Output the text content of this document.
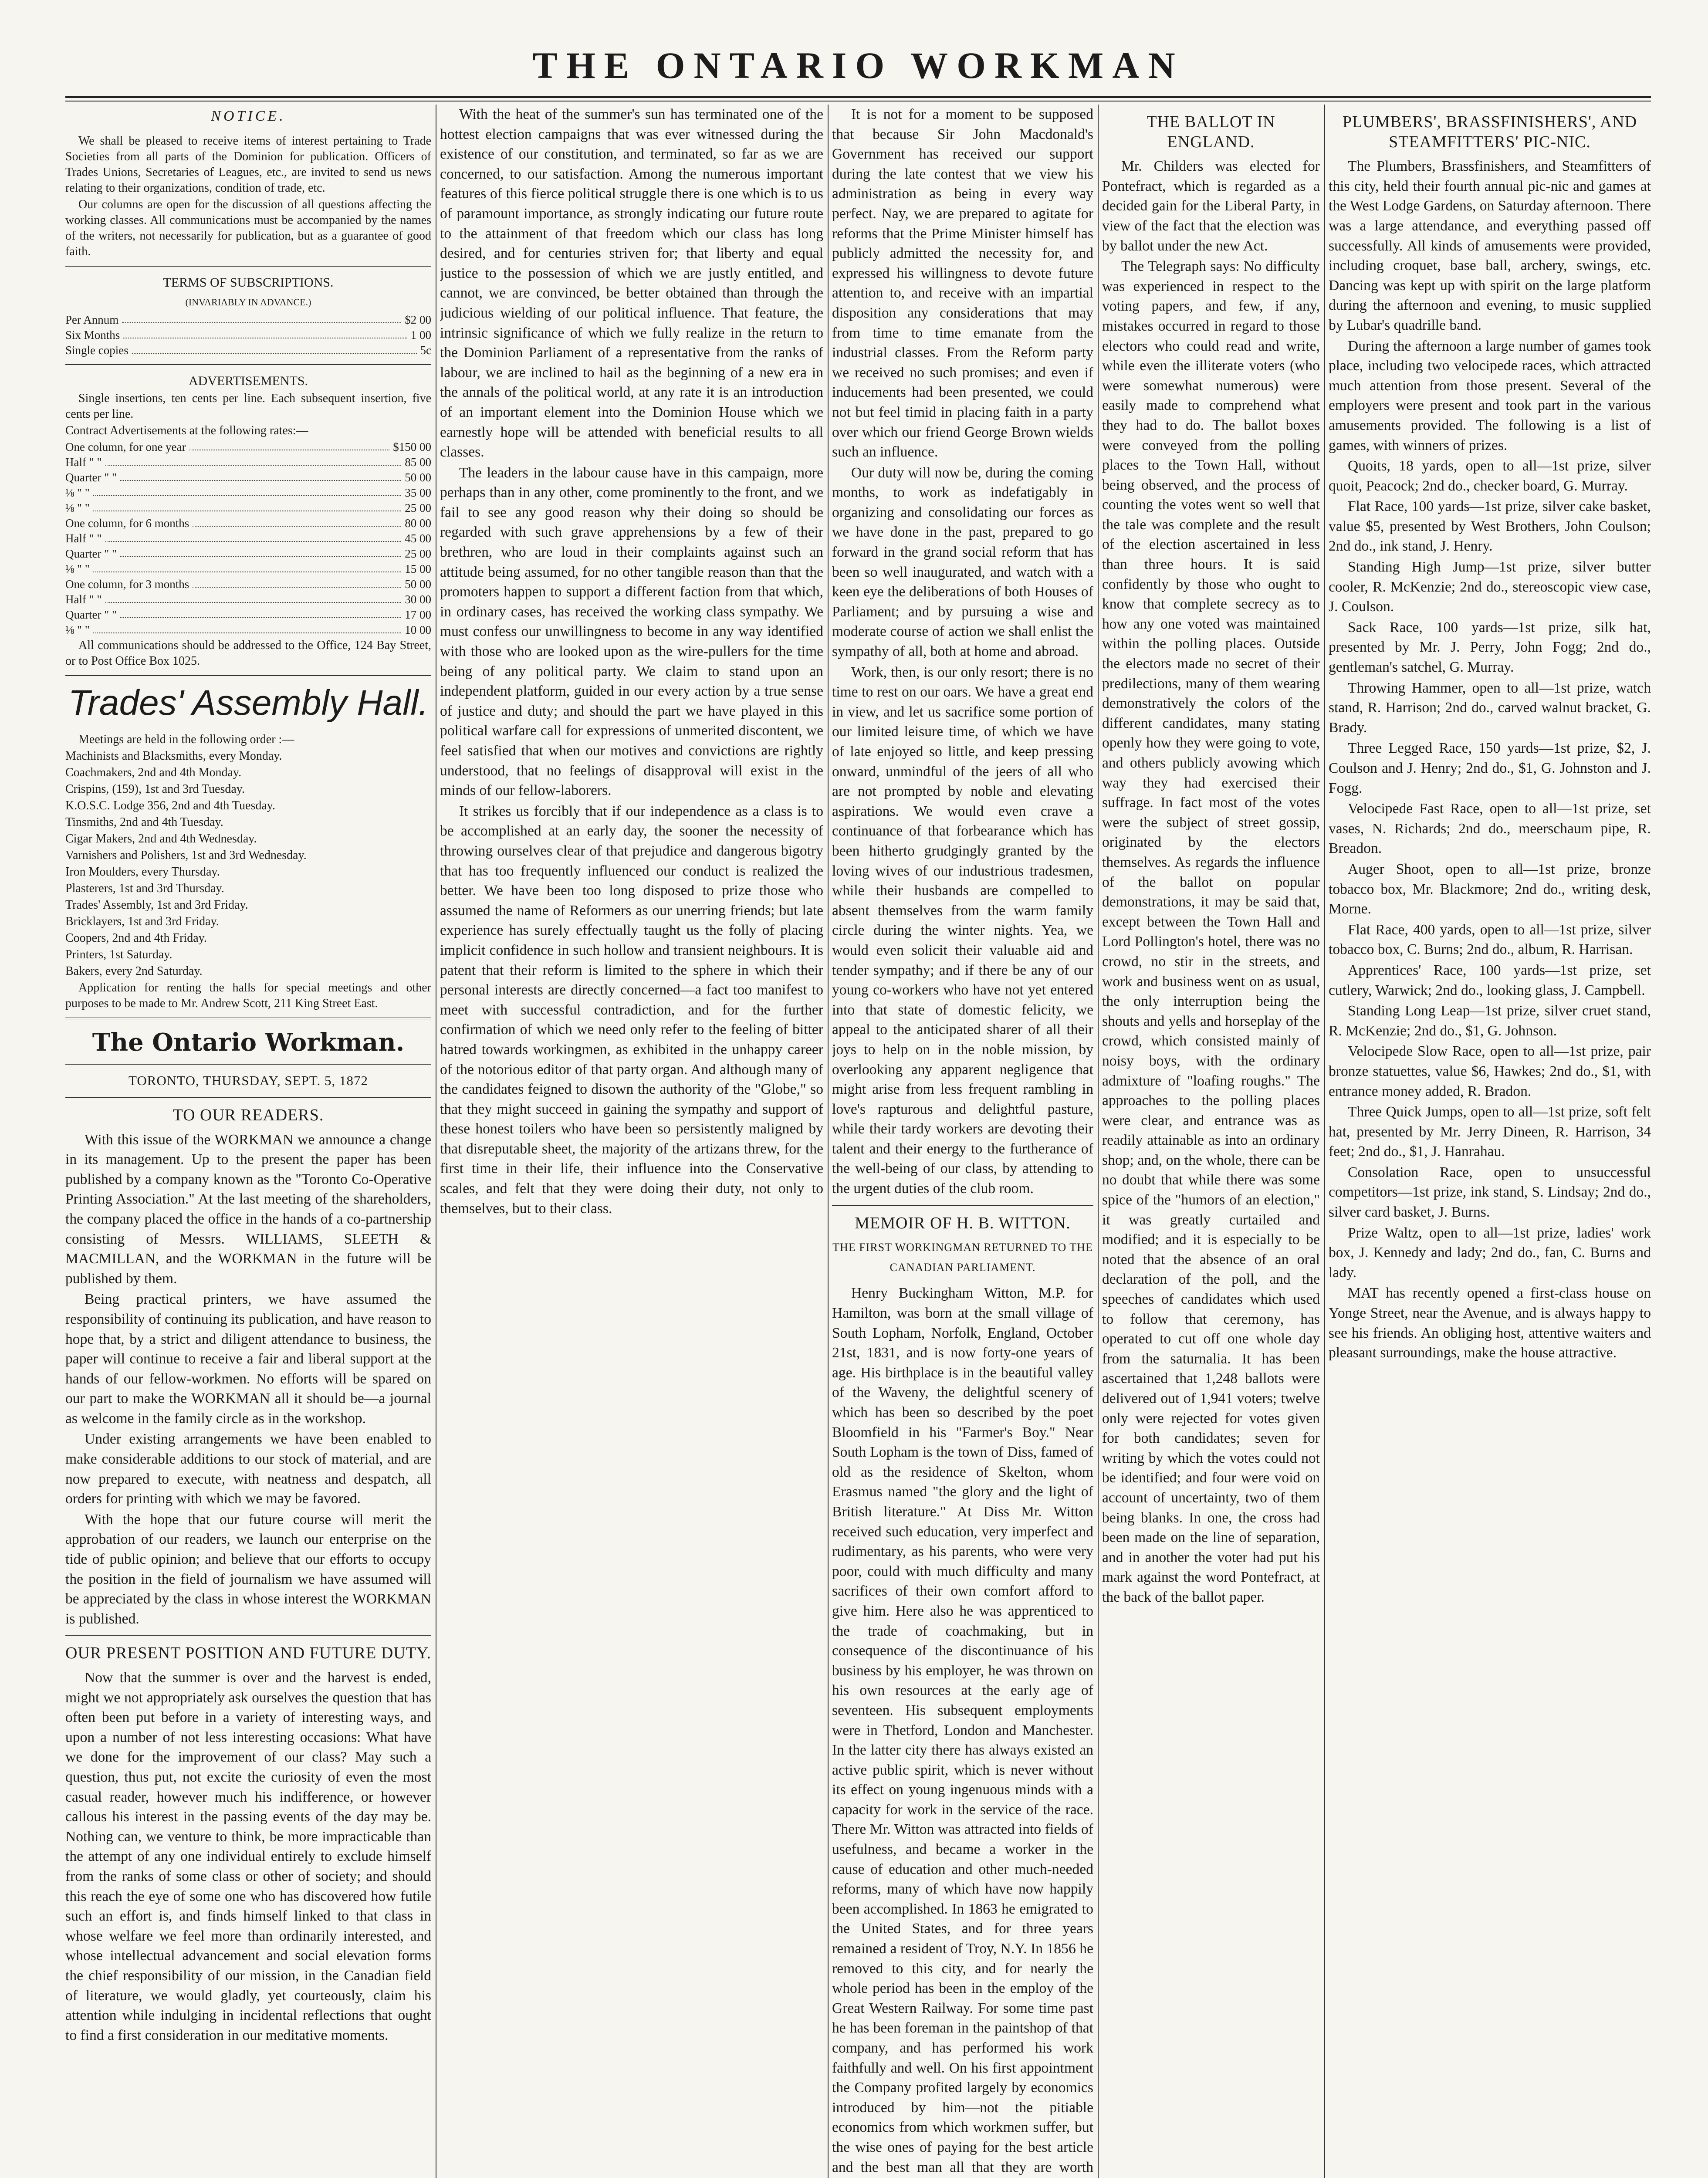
THE ONTARIO WORKMAN
NOTICE.

We shall be pleased to receive items of interest pertaining to Trade Societies from all parts of the Dominion for publication. Officers of Trades Unions, Secretaries of Leagues, etc., are invited to send us news relating to their organizations, condition of trade, etc.

Our columns are open for the discussion of all questions affecting the working classes. All communications must be accompanied by the names of the writers, not necessarily for publication, but as a guarantee of good faith.

TERMS OF SUBSCRIPTIONS.
(INVARIABLY IN ADVANCE.)
Per Annum	$2 00
Six Months	1 00
Single copies	5c
ADVERTISEMENTS.

Single insertions, ten cents per line. Each subsequent insertion, five cents per line.

Contract Advertisements at the following rates:—

One column, for one year	$150 00
Half " "	85 00
Quarter " "	50 00
⅛ " "	35 00
⅛ " "	25 00
One column, for 6 months	80 00
Half " "	45 00
Quarter " "	25 00
⅛ " "	15 00
One column, for 3 months	50 00
Half " "	30 00
Quarter " "	17 00
⅛ " "	10 00

All communications should be addressed to the Office, 124 Bay Street, or to Post Office Box 1025.

Trades' Assembly Hall.

Meetings are held in the following order :—

Machinists and Blacksmiths, every Monday.

Coachmakers, 2nd and 4th Monday.

Crispins, (159), 1st and 3rd Tuesday.

K.O.S.C. Lodge 356, 2nd and 4th Tuesday.

Tinsmiths, 2nd and 4th Tuesday.

Cigar Makers, 2nd and 4th Wednesday.

Varnishers and Polishers, 1st and 3rd Wednesday.

Iron Moulders, every Thursday.

Plasterers, 1st and 3rd Thursday.

Trades' Assembly, 1st and 3rd Friday.

Bricklayers, 1st and 3rd Friday.

Coopers, 2nd and 4th Friday.

Printers, 1st Saturday.

Bakers, every 2nd Saturday.

Application for renting the halls for special meetings and other purposes to be made to Mr. Andrew Scott, 211 King Street East.

The Ontario Workman.
TORONTO, THURSDAY, SEPT. 5, 1872
TO OUR READERS.

With this issue of the WORKMAN we announce a change in its management. Up to the present the paper has been published by a company known as the "Toronto Co-Operative Printing Association." At the last meeting of the shareholders, the company placed the office in the hands of a co-partnership consisting of Messrs. WILLIAMS, SLEETH & MACMILLAN, and the WORKMAN in the future will be published by them.

Being practical printers, we have assumed the responsibility of continuing its publication, and have reason to hope that, by a strict and diligent attendance to business, the paper will continue to receive a fair and liberal support at the hands of our fellow-workmen. No efforts will be spared on our part to make the WORKMAN all it should be—a journal as welcome in the family circle as in the workshop.

Under existing arrangements we have been enabled to make considerable additions to our stock of material, and are now prepared to execute, with neatness and despatch, all orders for printing with which we may be favored.

With the hope that our future course will merit the approbation of our readers, we launch our enterprise on the tide of public opinion; and believe that our efforts to occupy the position in the field of journalism we have assumed will be appreciated by the class in whose interest the WORKMAN is published.

OUR PRESENT POSITION AND FUTURE DUTY.

Now that the summer is over and the harvest is ended, might we not appropriately ask ourselves the question that has often been put before in a variety of interesting ways, and upon a number of not less interesting occasions: What have we done for the improvement of our class? May such a question, thus put, not excite the curiosity of even the most casual reader, however much his indifference, or however callous his interest in the passing events of the day may be. Nothing can, we venture to think, be more impracticable than the attempt of any one individual entirely to exclude himself from the ranks of some class or other of society; and should this reach the eye of some one who has discovered how futile such an effort is, and finds himself linked to that class in whose welfare we feel more than ordinarily interested, and whose intellectual advancement and social elevation forms the chief responsibility of our mission, in the Canadian field of literature, we would gladly, yet courteously, claim his attention while indulging in incidental reflections that ought to find a first consideration in our meditative moments.

With the heat of the summer's sun has terminated one of the hottest election campaigns that was ever witnessed during the existence of our constitution, and terminated, so far as we are concerned, to our satisfaction. Among the numerous important features of this fierce political struggle there is one which is to us of paramount importance, as strongly indicating our future route to the attainment of that freedom which our class has long desired, and for centuries striven for; that liberty and equal justice to the possession of which we are justly entitled, and cannot, we are convinced, be better obtained than through the judicious wielding of our political influence. That feature, the intrinsic significance of which we fully realize in the return to the Dominion Parliament of a representative from the ranks of labour, we are inclined to hail as the beginning of a new era in the annals of the political world, at any rate it is an introduction of an important element into the Dominion House which we earnestly hope will be attended with beneficial results to all classes.

The leaders in the labour cause have in this campaign, more perhaps than in any other, come prominently to the front, and we fail to see any good reason why their doing so should be regarded with such grave apprehensions by a few of their brethren, who are loud in their complaints against such an attitude being assumed, for no other tangible reason than that the promoters happen to support a different faction from that which, in ordinary cases, has received the working class sympathy. We must confess our unwillingness to become in any way identified with those who are looked upon as the wire-pullers for the time being of any political party. We claim to stand upon an independent platform, guided in our every action by a true sense of justice and duty; and should the part we have played in this political warfare call for expressions of unmerited discontent, we feel satisfied that when our motives and convictions are rightly understood, that no feelings of disapproval will exist in the minds of our fellow-laborers.

It strikes us forcibly that if our independence as a class is to be accomplished at an early day, the sooner the necessity of throwing ourselves clear of that prejudice and dangerous bigotry that has too frequently influenced our conduct is realized the better. We have been too long disposed to prize those who assumed the name of Reformers as our unerring friends; but late experience has surely effectually taught us the folly of placing implicit confidence in such hollow and transient neighbours. It is patent that their reform is limited to the sphere in which their personal interests are directly concerned—a fact too manifest to meet with successful contradiction, and for the further confirmation of which we need only refer to the feeling of bitter hatred towards workingmen, as exhibited in the unhappy career of the notorious editor of that party organ. And although many of the candidates feigned to disown the authority of the "Globe," so that they might succeed in gaining the sympathy and support of these honest toilers who have been so persistently maligned by that disreputable sheet, the majority of the artizans threw, for the first time in their life, their influence into the Conservative scales, and felt that they were doing their duty, not only to themselves, but to their class.

It is not for a moment to be supposed that because Sir John Macdonald's Government has received our support during the late contest that we view his administration as being in every way perfect. Nay, we are prepared to agitate for reforms that the Prime Minister himself has publicly admitted the necessity for, and expressed his willingness to devote future attention to, and receive with an impartial disposition any considerations that may from time to time emanate from the industrial classes. From the Reform party we received no such promises; and even if inducements had been presented, we could not but feel timid in placing faith in a party over which our friend George Brown wields such an influence.

Our duty will now be, during the coming months, to work as indefatigably in organizing and consolidating our forces as we have done in the past, prepared to go forward in the grand social reform that has been so well inaugurated, and watch with a keen eye the deliberations of both Houses of Parliament; and by pursuing a wise and moderate course of action we shall enlist the sympathy of all, both at home and abroad.

Work, then, is our only resort; there is no time to rest on our oars. We have a great end in view, and let us sacrifice some portion of our limited leisure time, of which we have of late enjoyed so little, and keep pressing onward, unmindful of the jeers of all who are not prompted by noble and elevating aspirations. We would even crave a continuance of that forbearance which has been hitherto grudgingly granted by the loving wives of our industrious tradesmen, while their husbands are compelled to absent themselves from the warm family circle during the winter nights. Yea, we would even solicit their valuable aid and tender sympathy; and if there be any of our young co-workers who have not yet entered into that state of domestic felicity, we appeal to the anticipated sharer of all their joys to help on in the noble mission, by overlooking any apparent negligence that might arise from less frequent rambling in love's rapturous and delightful pasture, while their tardy workers are devoting their talent and their energy to the furtherance of the well-being of our class, by attending to the urgent duties of the club room.

MEMOIR OF H. B. WITTON.
THE FIRST WORKINGMAN RETURNED TO THE CANADIAN PARLIAMENT.

Henry Buckingham Witton, M.P. for Hamilton, was born at the small village of South Lopham, Norfolk, England, October 21st, 1831, and is now forty-one years of age. His birthplace is in the beautiful valley of the Waveny, the delightful scenery of which has been so described by the poet Bloomfield in his "Farmer's Boy." Near South Lopham is the town of Diss, famed of old as the residence of Skelton, whom Erasmus named "the glory and the light of British literature." At Diss Mr. Witton received such education, very imperfect and rudimentary, as his parents, who were very poor, could with much difficulty and many sacrifices of their own comfort afford to give him. Here also he was apprenticed to the trade of coachmaking, but in consequence of the discontinuance of his business by his employer, he was thrown on his own resources at the early age of seventeen. His subsequent employments were in Thetford, London and Manchester. In the latter city there has always existed an active public spirit, which is never without its effect on young ingenuous minds with a capacity for work in the service of the race. There Mr. Witton was attracted into fields of usefulness, and became a worker in the cause of education and other much-needed reforms, many of which have now happily been accomplished. In 1863 he emigrated to the United States, and for three years remained a resident of Troy, N.Y. In 1856 he removed to this city, and for nearly the whole period has been in the employ of the Great Western Railway. For some time past he has been foreman in the paintshop of that company, and has performed his work faithfully and well. On his first appointment the Company profited largely by economics introduced by him—not the pitiable economics from which workmen suffer, but the wise ones of paying for the best article and the best man all that they are worth

THE BALLOT IN ENGLAND.

Mr. Childers was elected for Pontefract, which is regarded as a decided gain for the Liberal Party, in view of the fact that the election was by ballot under the new Act.

The Telegraph says: No difficulty was experienced in respect to the voting papers, and few, if any, mistakes occurred in regard to those electors who could read and write, while even the illiterate voters (who were somewhat numerous) were easily made to comprehend what they had to do. The ballot boxes were conveyed from the polling places to the Town Hall, without being observed, and the process of counting the votes went so well that the tale was complete and the result of the election ascertained in less than three hours. It is said confidently by those who ought to know that complete secrecy as to how any one voted was maintained within the polling places. Outside the electors made no secret of their predilections, many of them wearing demonstratively the colors of the different candidates, many stating openly how they were going to vote, and others publicly avowing which way they had exercised their suffrage. In fact most of the votes were the subject of street gossip, originated by the electors themselves. As regards the influence of the ballot on popular demonstrations, it may be said that, except between the Town Hall and Lord Pollington's hotel, there was no crowd, no stir in the streets, and work and business went on as usual, the only interruption being the shouts and yells and horseplay of the crowd, which consisted mainly of noisy boys, with the ordinary admixture of "loafing roughs." The approaches to the polling places were clear, and entrance was as readily attainable as into an ordinary shop; and, on the whole, there can be no doubt that while there was some spice of the "humors of an election," it was greatly curtailed and modified; and it is especially to be noted that the absence of an oral declaration of the poll, and the speeches of candidates which used to follow that ceremony, has operated to cut off one whole day from the saturnalia. It has been ascertained that 1,248 ballots were delivered out of 1,941 voters; twelve only were rejected for votes given for both candidates; seven for writing by which the votes could not be identified; and four were void on account of uncertainty, two of them being blanks. In one, the cross had been made on the line of separation, and in another the voter had put his mark against the word Pontefract, at the back of the ballot paper.

PLUMBERS', BRASSFINISHERS', AND STEAMFITTERS' PIC-NIC.

The Plumbers, Brassfinishers, and Steamfitters of this city, held their fourth annual pic-nic and games at the West Lodge Gardens, on Saturday afternoon. There was a large attendance, and everything passed off successfully. All kinds of amusements were provided, including croquet, base ball, archery, swings, etc. Dancing was kept up with spirit on the large platform during the afternoon and evening, to music supplied by Lubar's quadrille band.

During the afternoon a large number of games took place, including two velocipede races, which attracted much attention from those present. Several of the employers were present and took part in the various amusements provided. The following is a list of games, with winners of prizes.

Quoits, 18 yards, open to all—1st prize, silver quoit, Peacock; 2nd do., checker board, G. Murray.

Flat Race, 100 yards—1st prize, silver cake basket, value $5, presented by West Brothers, John Coulson; 2nd do., ink stand, J. Henry.

Standing High Jump—1st prize, silver butter cooler, R. McKenzie; 2nd do., stereoscopic view case, J. Coulson.

Sack Race, 100 yards—1st prize, silk hat, presented by Mr. J. Perry, John Fogg; 2nd do., gentleman's satchel, G. Murray.

Throwing Hammer, open to all—1st prize, watch stand, R. Harrison; 2nd do., carved walnut bracket, G. Brady.

Three Legged Race, 150 yards—1st prize, $2, J. Coulson and J. Henry; 2nd do., $1, G. Johnston and J. Fogg.

Velocipede Fast Race, open to all—1st prize, set vases, N. Richards; 2nd do., meerschaum pipe, R. Breadon.

Auger Shoot, open to all—1st prize, bronze tobacco box, Mr. Blackmore; 2nd do., writing desk, Morne.

Flat Race, 400 yards, open to all—1st prize, silver tobacco box, C. Burns; 2nd do., album, R. Harrisan.

Apprentices' Race, 100 yards—1st prize, set cutlery, Warwick; 2nd do., looking glass, J. Campbell.

Standing Long Leap—1st prize, silver cruet stand, R. McKenzie; 2nd do., $1, G. Johnson.

Velocipede Slow Race, open to all—1st prize, pair bronze statuettes, value $6, Hawkes; 2nd do., $1, with entrance money added, R. Bradon.

Three Quick Jumps, open to all—1st prize, soft felt hat, presented by Mr. Jerry Dineen, R. Harrison, 34 feet; 2nd do., $1, J. Hanrahau.

Consolation Race, open to unsuccessful competitors—1st prize, ink stand, S. Lindsay; 2nd do., silver card basket, J. Burns.

Prize Waltz, open to all—1st prize, ladies' work box, J. Kennedy and lady; 2nd do., fan, C. Burns and lady.

MAT has recently opened a first-class house on Yonge Street, near the Avenue, and is always happy to see his friends. An obliging host, attentive waiters and pleasant surroundings, make the house attractive.
